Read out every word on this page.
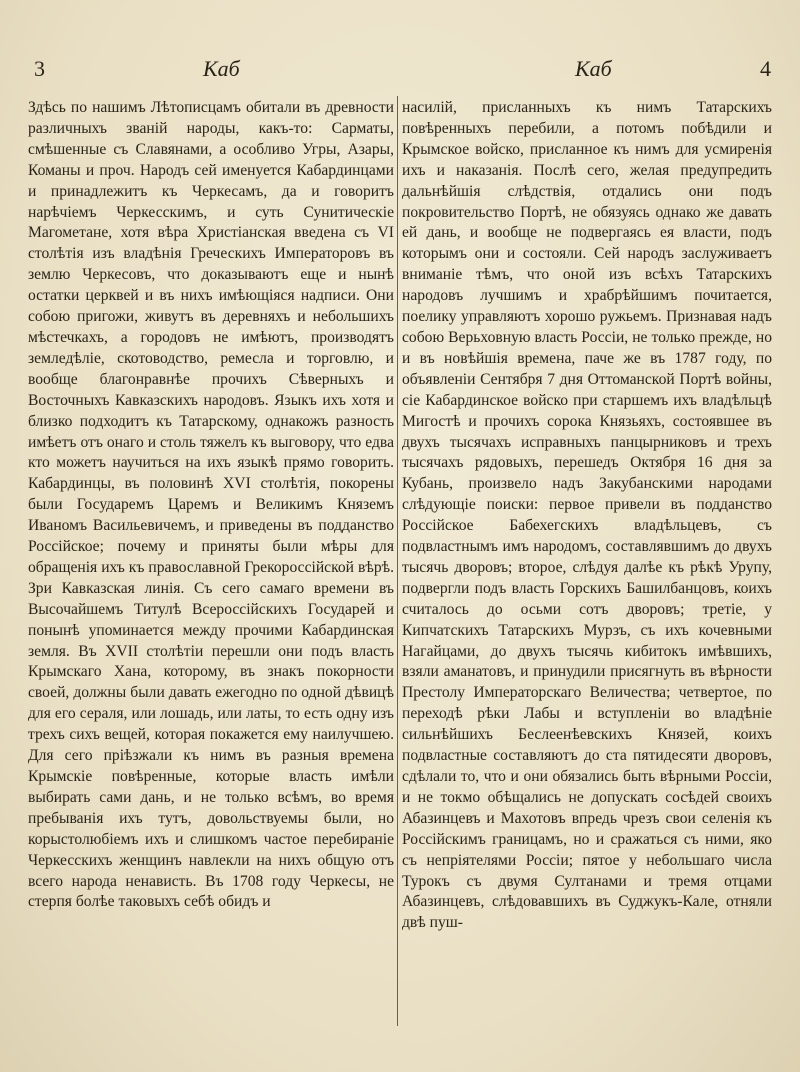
3	Каб	Каб	4

Здѣсь по нашимъ Лѣтописцамъ обитали въ древности различныхъ званій народы, какъ-то: Сарматы, смѣшенные съ Славянами, а особливо Угры, Азары, Команы и проч. Народъ сей именуется Кабардинцами и принадлежитъ къ Черкесамъ, да и говоритъ нарѣчіемъ Черкесскимъ, и суть Сунитическіе Магометане, хотя вѣра Христіанская введена съ VI столѣтія изъ владѣнія Греческихъ Императоровъ въ землю Черкесовъ, что доказываютъ еще и нынѣ остатки церквей и въ нихъ имѣющіяся надписи. Они собою пригожи, живутъ въ деревняхъ и небольшихъ мѣстечкахъ, а городовъ не имѣютъ, производятъ земледѣліе, скотоводство, ремесла и торговлю, и вообще благонравнѣе прочихъ Сѣверныхъ и Восточныхъ Кавказскихъ народовъ. Языкъ ихъ хотя и близко подходитъ къ Татарскому, однакожъ разность имѣетъ отъ онаго и столь тяжелъ къ выговору, что едва кто можетъ научиться на ихъ языкѣ прямо говорить. Кабардинцы, въ половинѣ XVI столѣтія, покорены были Государемъ Царемъ и Великимъ Княземъ Иваномъ Васильевичемъ, и приведены въ подданство Россійское; почему и приняты были мѣры для обращенія ихъ къ православной Грекороссійской вѣрѣ. Зри Кавказская линія. Съ сего самаго времени въ Высочайшемъ Титулѣ Всероссійскихъ Государей и понынѣ упоминается между прочими Кабардинская земля. Въ XVII столѣтіи перешли они подъ власть Крымскаго Хана, которому, въ знакъ покорности своей, должны были давать ежегодно по одной дѣвицѣ для его сераля, или лошадь, или латы, то есть одну изъ трехъ сихъ вещей, которая покажется ему наилучшею. Для сего пріѣзжали къ нимъ въ разныя времена Крымскіе повѣренные, которые власть имѣли выбирать сами дань, и не только всѣмъ, во время пребыванія ихъ тутъ, довольствуемы были, но корыстолюбіемъ ихъ и слишкомъ частое перебираніе Черкесскихъ женщинъ навлекли на нихъ общую отъ всего народа ненависть. Въ 1708 году Черкесы, не стерпя болѣе таковыхъ себѣ обидъ и

насилій, присланныхъ къ нимъ Татарскихъ повѣренныхъ перебили, а потомъ побѣдили и Крымское войско, присланное къ нимъ для усмиренія ихъ и наказанія. Послѣ сего, желая предупредить дальнѣйшія слѣдствія, отдались они подъ покровительство Портѣ, не обязуясь однако же давать ей дань, и вообще не подвергаясь ея власти, подъ которымъ они и состояли. Сей народъ заслуживаетъ вниманіе тѣмъ, что оной изъ всѣхъ Татарскихъ народовъ лучшимъ и храбрѣйшимъ почитается, поелику управляютъ хорошо ружьемъ. Признавая надъ собою Верьховную власть Россіи, не только прежде, но и въ новѣйшія времена, паче же въ 1787 году, по объявленіи Сентября 7 дня Оттоманской Портѣ войны, сіе Кабардинское войско при старшемъ ихъ владѣльцѣ Мигостѣ и прочихъ сорока Князьяхъ, состоявшее въ двухъ тысячахъ исправныхъ панцырниковъ и трехъ тысячахъ рядовыхъ, перешедъ Октября 16 дня за Кубань, произвело надъ Закубанскими народами слѣдующіе поиски: первое привели въ подданство Россійское Бабехегскихъ владѣльцевъ, съ подвластнымъ имъ народомъ, составлявшимъ до двухъ тысячь дворовъ; второе, слѣдуя далѣе къ рѣкѣ Урупу, подвергли подъ власть Горскихъ Башилбанцовъ, коихъ считалось до осьми сотъ дворовъ; третіе, у Кипчатскихъ Татарскихъ Мурзъ, съ ихъ кочевными Нагайцами, до двухъ тысячь кибитокъ имѣвшихъ, взяли аманатовъ, и принудили присягнуть въ вѣрности Престолу Императорскаго Величества; четвертое, по переходѣ рѣки Лабы и вступленіи во владѣніе сильнѣйшихъ Беслеенѣевскихъ Князей, коихъ подвластные составляютъ до ста пятидесяти дворовъ, сдѣлали то, что и они обязались быть вѣрными Россіи, и не токмо обѣщались не допускать сосѣдей своихъ Абазинцевъ и Махотовъ впредь чрезъ свои селенія къ Россійскимъ границамъ, но и сражаться съ ними, яко съ непріятелями Россіи; пятое у небольшаго числа Турокъ съ двумя Султанами и тремя отцами Абазинцевъ, слѣдовавшихъ въ Суджукъ-Кале, отняли двѣ пуш-
